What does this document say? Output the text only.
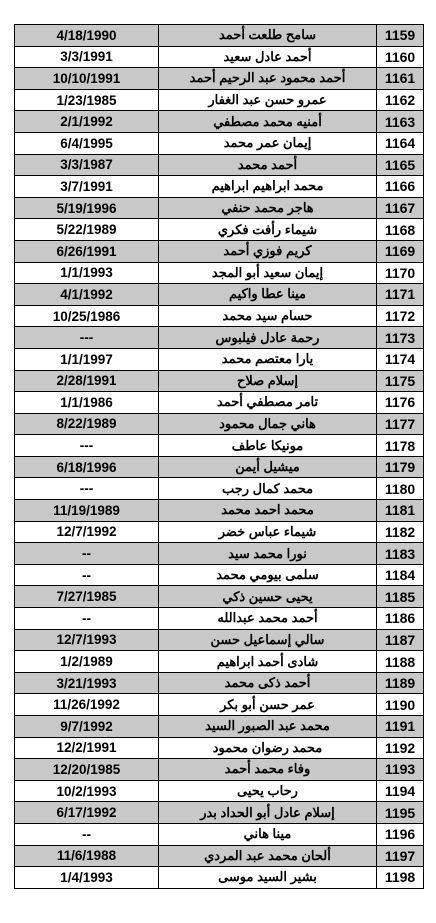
4/18/1990	سامح طلعت أحمد	1159
3/3/1991	أحمد عادل سعيد	1160
10/10/1991	أحمد محمود عبد الرحيم أحمد	1161
1/23/1985	عمرو حسن عبد الغفار	1162
2/1/1992	أمنيه محمد مصطفي	1163
6/4/1995	إيمان عمر محمد	1164
3/3/1987	أحمد محمد	1165
3/7/1991	محمد ابراهيم ابراهيم	1166
5/19/1996	هاجر محمد حنفي	1167
5/22/1989	شيماء رأفت فكري	1168
6/26/1991	كريم فوزي أحمد	1169
1/1/1993	إيمان سعيد أبو المجد	1170
4/1/1992	مينا عطا واكيم	1171
10/25/1986	حسام سيد محمد	1172
---	رحمة عادل فيلبوس	1173
1/1/1997	يارا معتصم محمد	1174
2/28/1991	إسلام صلاح	1175
1/1/1986	تامر مصطفي أحمد	1176
8/22/1989	هاني جمال محمود	1177
---	مونيكا عاطف	1178
6/18/1996	ميشيل أيمن	1179
---	محمد كمال رجب	1180
11/19/1989	محمد احمد محمد	1181
12/7/1992	شيماء عباس خضر	1182
--	نورا محمد سيد	1183
--	سلمى بيومي محمد	1184
7/27/1985	يحيى حسين ذكي	1185
--	أحمد محمد عبدالله	1186
12/7/1993	سالي إسماعيل حسن	1187
1/2/1989	شادى أحمد ابراهيم	1188
3/21/1993	أحمد ذكى محمد	1189
11/26/1992	عمر حسن أبو بكر	1190
9/7/1992	محمد عبد الصبور السيد	1191
12/2/1991	محمد رضوان محمود	1192
12/20/1985	وفاء محمد أحمد	1193
10/2/1993	رحاب يحيى	1194
6/17/1992	إسلام عادل أبو الحداد بدر	1195
--	مينا هاني	1196
11/6/1988	ألحان محمد عبد المردي	1197
1/4/1993	بشير السيد موسى	1198
